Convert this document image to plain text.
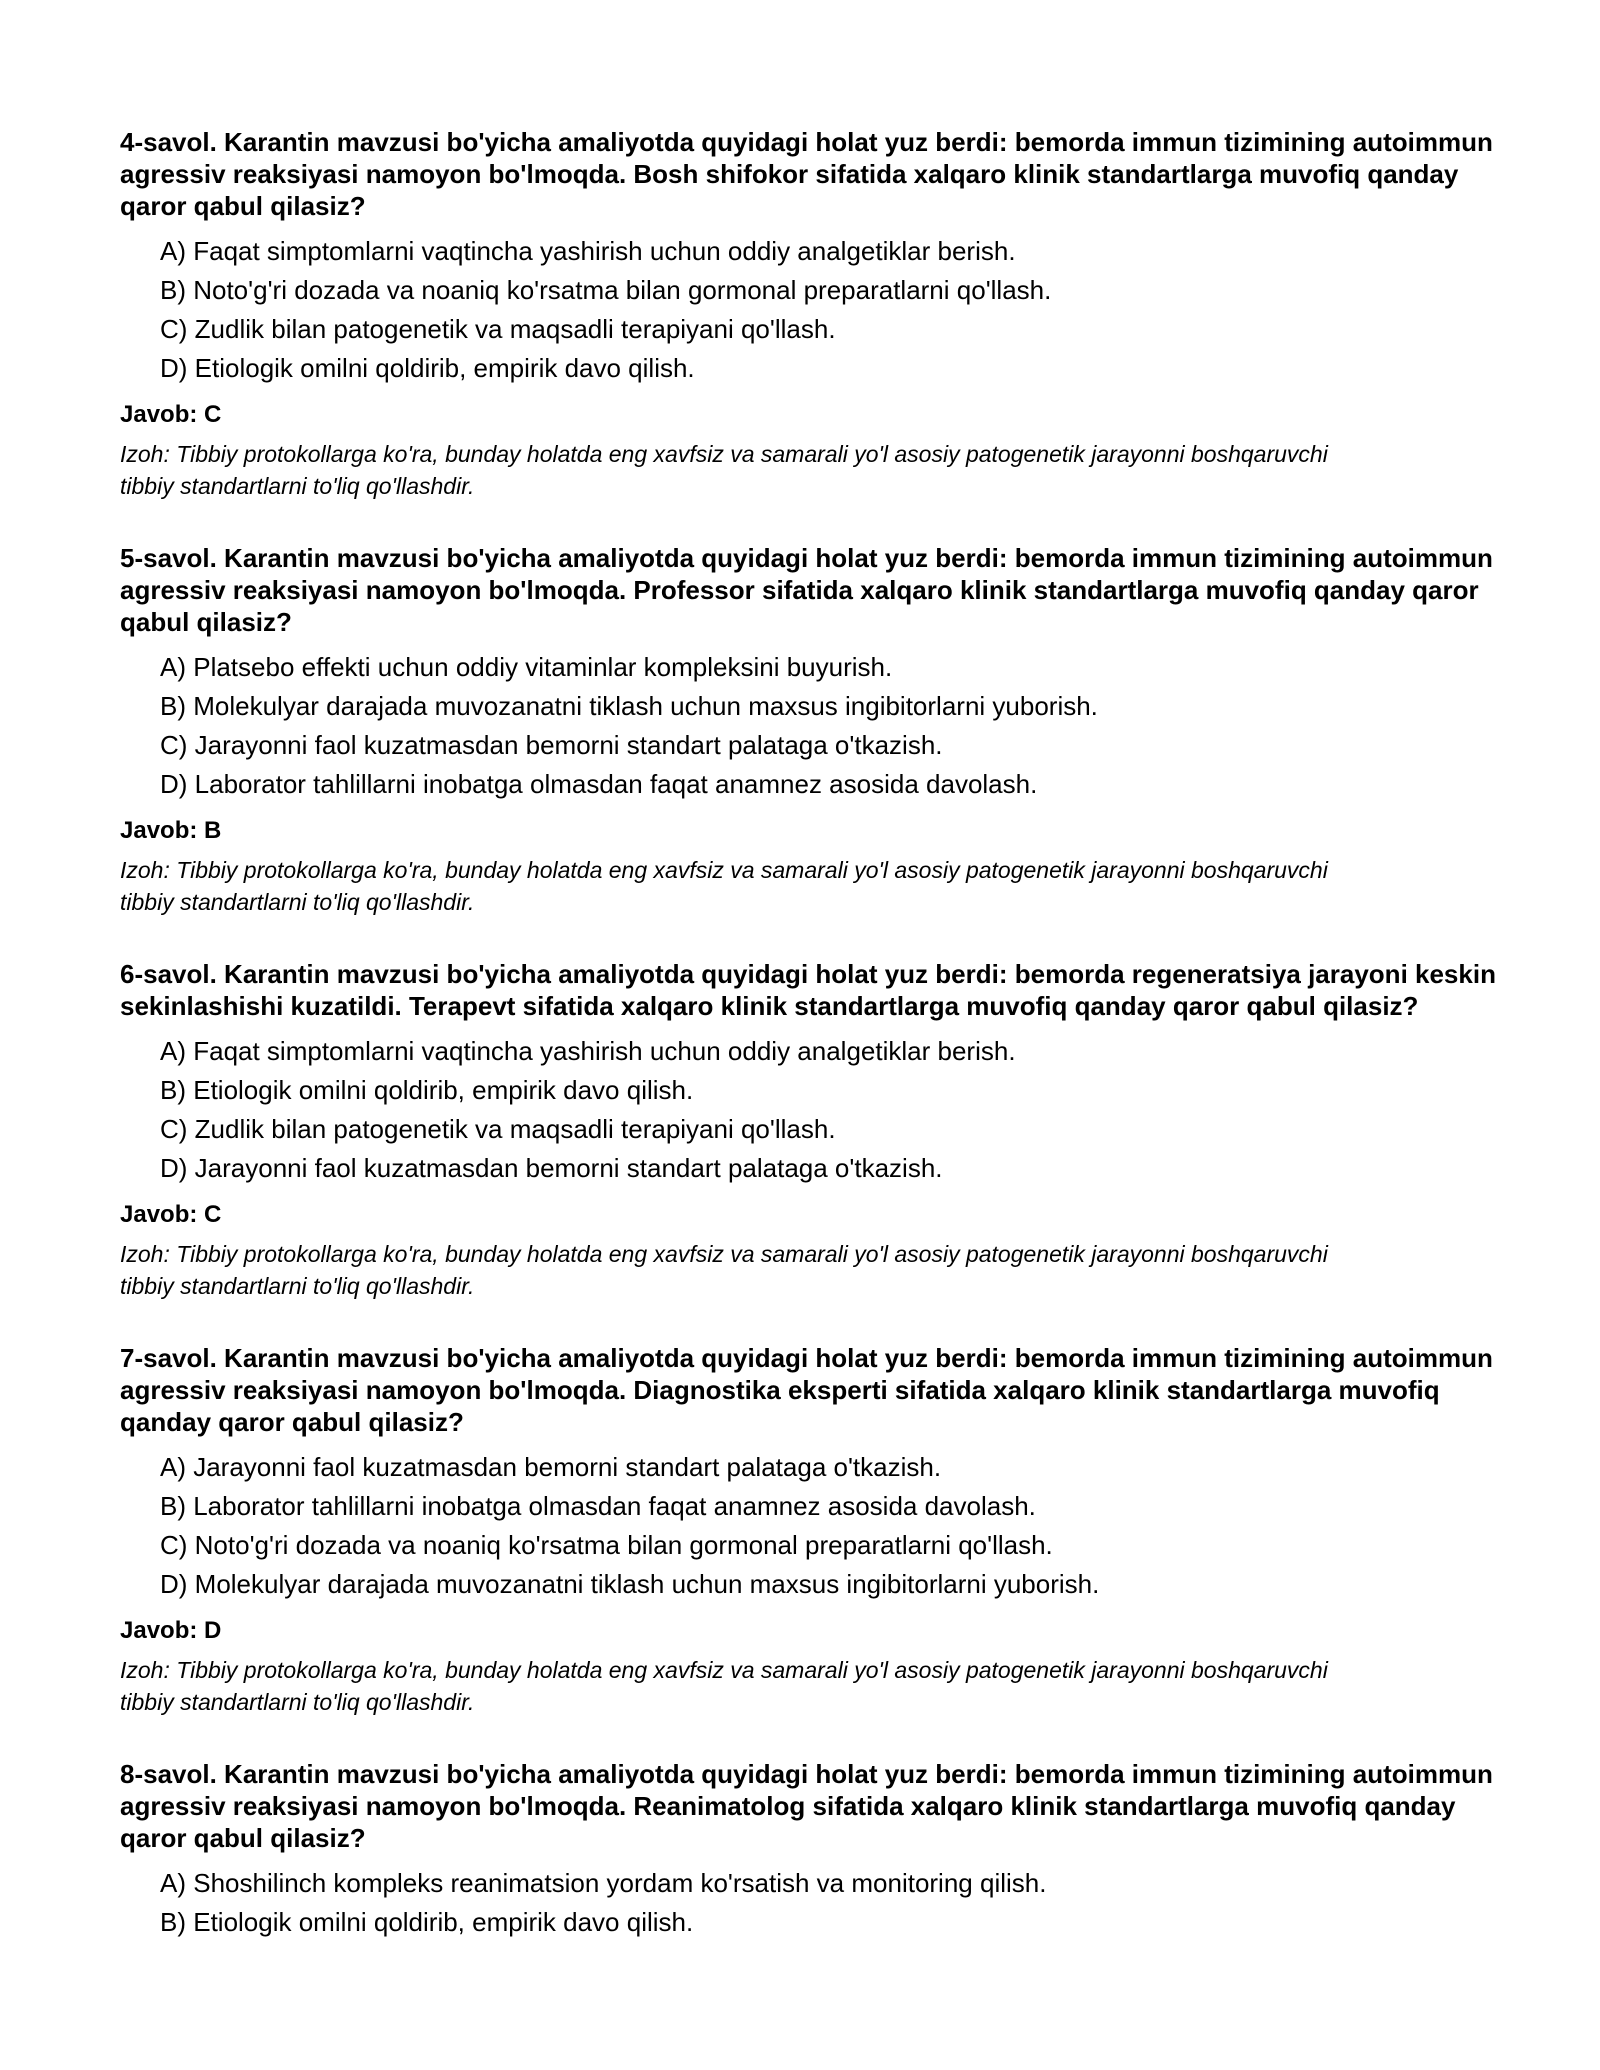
4-savol. Karantin mavzusi bo'yicha amaliyotda quyidagi holat yuz berdi: bemorda immun tizimining autoimmun agressiv reaksiyasi namoyon bo'lmoqda. Bosh shifokor sifatida xalqaro klinik standartlarga muvofiq qanday qaror qabul qilasiz?

A) Faqat simptomlarni vaqtincha yashirish uchun oddiy analgetiklar berish.
B) Noto'g'ri dozada va noaniq ko'rsatma bilan gormonal preparatlarni qo'llash.
C) Zudlik bilan patogenetik va maqsadli terapiyani qo'llash.
D) Etiologik omilni qoldirib, empirik davo qilish.

Javob: C

Izoh: Tibbiy protokollarga ko'ra, bunday holatda eng xavfsiz va samarali yo'l asosiy patogenetik jarayonni boshqaruvchi tibbiy standartlarni to'liq qo'llashdir.

5-savol. Karantin mavzusi bo'yicha amaliyotda quyidagi holat yuz berdi: bemorda immun tizimining autoimmun agressiv reaksiyasi namoyon bo'lmoqda. Professor sifatida xalqaro klinik standartlarga muvofiq qanday qaror qabul qilasiz?

A) Platsebo effekti uchun oddiy vitaminlar kompleksini buyurish.
B) Molekulyar darajada muvozanatni tiklash uchun maxsus ingibitorlarni yuborish.
C) Jarayonni faol kuzatmasdan bemorni standart palataga o'tkazish.
D) Laborator tahlillarni inobatga olmasdan faqat anamnez asosida davolash.

Javob: B

Izoh: Tibbiy protokollarga ko'ra, bunday holatda eng xavfsiz va samarali yo'l asosiy patogenetik jarayonni boshqaruvchi tibbiy standartlarni to'liq qo'llashdir.

6-savol. Karantin mavzusi bo'yicha amaliyotda quyidagi holat yuz berdi: bemorda regeneratsiya jarayoni keskin sekinlashishi kuzatildi. Terapevt sifatida xalqaro klinik standartlarga muvofiq qanday qaror qabul qilasiz?

A) Faqat simptomlarni vaqtincha yashirish uchun oddiy analgetiklar berish.
B) Etiologik omilni qoldirib, empirik davo qilish.
C) Zudlik bilan patogenetik va maqsadli terapiyani qo'llash.
D) Jarayonni faol kuzatmasdan bemorni standart palataga o'tkazish.

Javob: C

Izoh: Tibbiy protokollarga ko'ra, bunday holatda eng xavfsiz va samarali yo'l asosiy patogenetik jarayonni boshqaruvchi tibbiy standartlarni to'liq qo'llashdir.

7-savol. Karantin mavzusi bo'yicha amaliyotda quyidagi holat yuz berdi: bemorda immun tizimining autoimmun agressiv reaksiyasi namoyon bo'lmoqda. Diagnostika eksperti sifatida xalqaro klinik standartlarga muvofiq qanday qaror qabul qilasiz?

A) Jarayonni faol kuzatmasdan bemorni standart palataga o'tkazish.
B) Laborator tahlillarni inobatga olmasdan faqat anamnez asosida davolash.
C) Noto'g'ri dozada va noaniq ko'rsatma bilan gormonal preparatlarni qo'llash.
D) Molekulyar darajada muvozanatni tiklash uchun maxsus ingibitorlarni yuborish.

Javob: D

Izoh: Tibbiy protokollarga ko'ra, bunday holatda eng xavfsiz va samarali yo'l asosiy patogenetik jarayonni boshqaruvchi tibbiy standartlarni to'liq qo'llashdir.

8-savol. Karantin mavzusi bo'yicha amaliyotda quyidagi holat yuz berdi: bemorda immun tizimining autoimmun agressiv reaksiyasi namoyon bo'lmoqda. Reanimatolog sifatida xalqaro klinik standartlarga muvofiq qanday qaror qabul qilasiz?

A) Shoshilinch kompleks reanimatsion yordam ko'rsatish va monitoring qilish.
B) Etiologik omilni qoldirib, empirik davo qilish.
